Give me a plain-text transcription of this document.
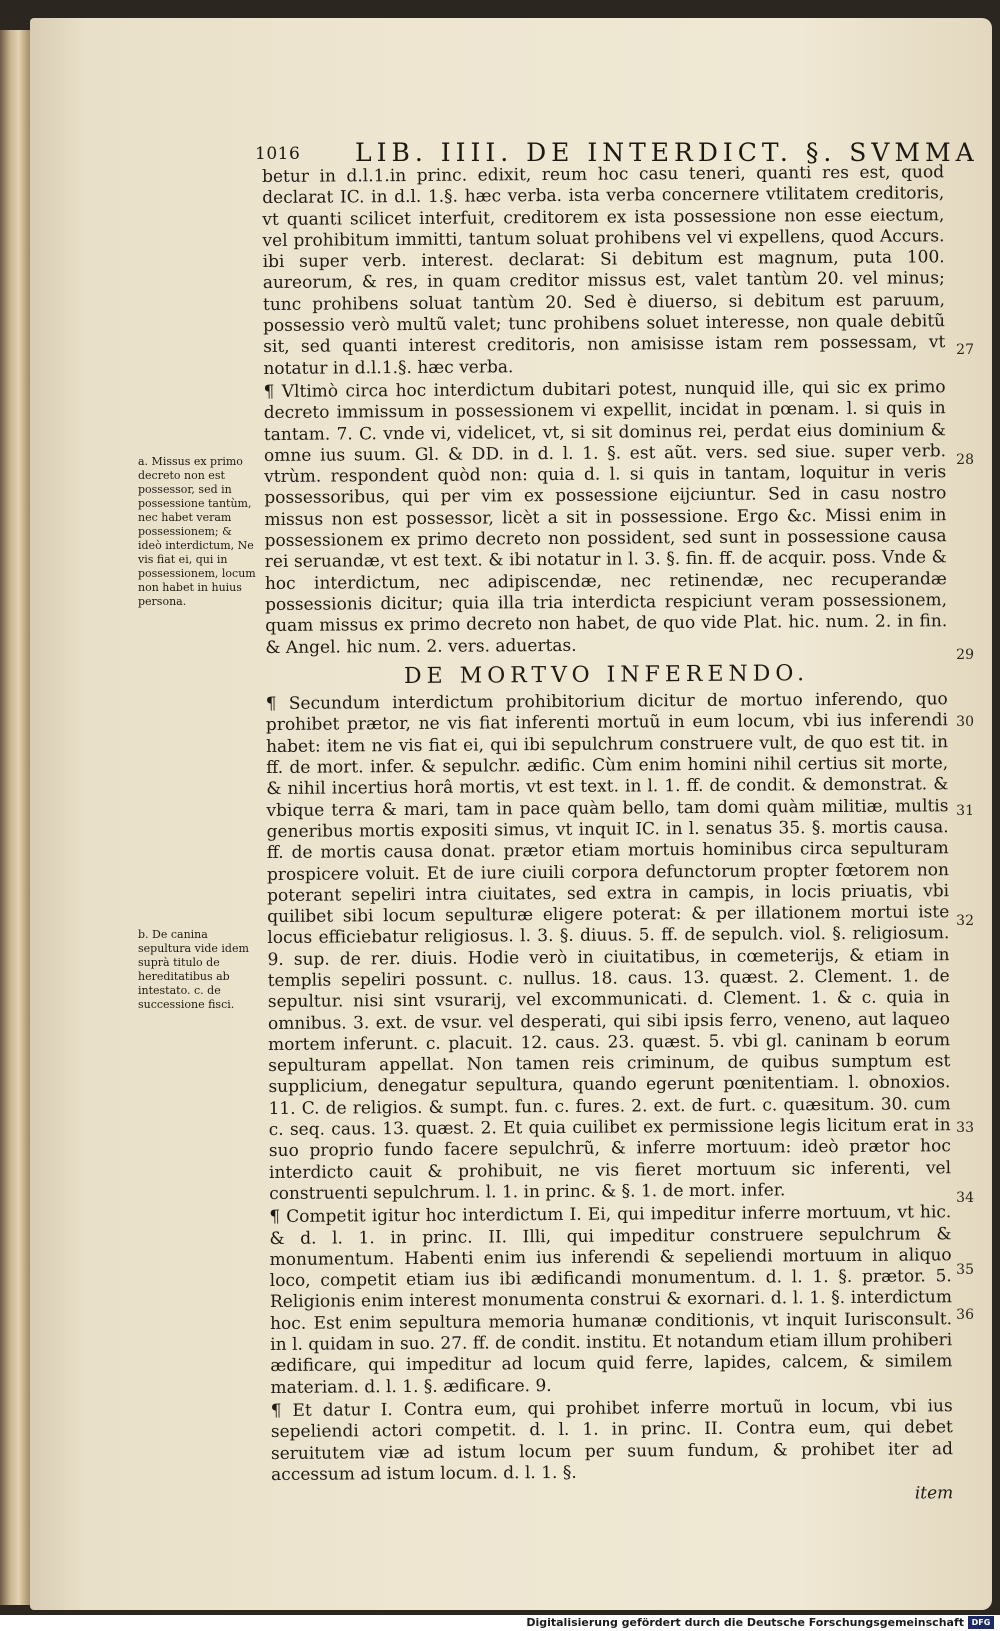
1016 LIB. IIII. DE INTERDICT. §. SVMMA

betur in d.l.1.in princ. edixit, reum hoc casu teneri, quanti res est, quod declarat IC. in d.l. 1.§. hæc verba. ista verba concernere vtilitatem creditoris, vt quanti scilicet interfuit, creditorem ex ista possessione non esse eiectum, vel prohibitum immitti, tantum soluat prohibens vel vi expellens, quod Accurs. ibi super verb. interest. declarat: Si debitum est magnum, puta 100. aureorum, & res, in quam creditor missus est, valet tantùm 20. vel minus; tunc prohibens soluat tantùm 20. Sed è diuerso, si debitum est paruum, possessio verò multũ valet; tunc prohibens soluet interesse, non quale debitũ sit, sed quanti interest creditoris, non amisisse istam rem possessam, vt notatur in d.l.1.§. hæc verba.

¶ Vltimò circa hoc interdictum dubitari potest, nunquid ille, qui sic ex primo decreto immissum in possessionem vi expellit, incidat in pœnam. l. si quis in tantam. 7. C. vnde vi, videlicet, vt, si sit dominus rei, perdat eius dominium & omne ius suum. Gl. & DD. in d. l. 1. §. est aũt. vers. sed siue. super verb. vtrùm. respondent quòd non: quia d. l. si quis in tantam, loquitur in veris possessoribus, qui per vim ex possessione eijciuntur. Sed in casu nostro missus non est possessor, licèt a sit in possessione. Ergo &c. Missi enim in possessionem ex primo decreto non possident, sed sunt in possessione causa rei seruandæ, vt est text. & ibi notatur in l. 3. §. fin. ff. de acquir. poss. Vnde & hoc interdictum, nec adipiscendæ, nec retinendæ, nec recuperandæ possessionis dicitur; quia illa tria interdicta respiciunt veram possessionem, quam missus ex primo decreto non habet, de quo vide Plat. hic. num. 2. in fin. & Angel. hic num. 2. vers. aduertas.

DE MORTVO INFERENDO.

¶ Secundum interdictum prohibitorium dicitur de mortuo inferendo, quo prohibet prætor, ne vis fiat inferenti mortuũ in eum locum, vbi ius inferendi habet: item ne vis fiat ei, qui ibi sepulchrum construere vult, de quo est tit. in ff. de mort. infer. & sepulchr. ædific. Cùm enim homini nihil certius sit morte, & nihil incertius horâ mortis, vt est text. in l. 1. ff. de condit. & demonstrat. & vbique terra & mari, tam in pace quàm bello, tam domi quàm militiæ, multis generibus mortis expositi simus, vt inquit IC. in l. senatus 35. §. mortis causa. ff. de mortis causa donat. prætor etiam mortuis hominibus circa sepulturam prospicere voluit. Et de iure ciuili corpora defunctorum propter fœtorem non poterant sepeliri intra ciuitates, sed extra in campis, in locis priuatis, vbi quilibet sibi locum sepulturæ eligere poterat: & per illationem mortui iste locus efficiebatur religiosus. l. 3. §. diuus. 5. ff. de sepulch. viol. §. religiosum. 9. sup. de rer. diuis. Hodie verò in ciuitatibus, in cœmeterijs, & etiam in templis sepeliri possunt. c. nullus. 18. caus. 13. quæst. 2. Clement. 1. de sepultur. nisi sint vsurarij, vel excommunicati. d. Clement. 1. & c. quia in omnibus. 3. ext. de vsur. vel desperati, qui sibi ipsis ferro, veneno, aut laqueo mortem inferunt. c. placuit. 12. caus. 23. quæst. 5. vbi gl. caninam b eorum sepulturam appellat. Non tamen reis criminum, de quibus sumptum est supplicium, denegatur sepultura, quando egerunt pœnitentiam. l. obnoxios. 11. C. de religios. & sumpt. fun. c. fures. 2. ext. de furt. c. quæsitum. 30. cum c. seq. caus. 13. quæst. 2. Et quia cuilibet ex permissione legis licitum erat in suo proprio fundo facere sepulchrũ, & inferre mortuum: ideò prætor hoc interdicto cauit & prohibuit, ne vis fieret mortuum sic inferenti, vel construenti sepulchrum. l. 1. in princ. & §. 1. de mort. infer.

¶ Competit igitur hoc interdictum I. Ei, qui impeditur inferre mortuum, vt hic. & d. l. 1. in princ. II. Illi, qui impeditur construere sepulchrum & monumentum. Habenti enim ius inferendi & sepeliendi mortuum in aliquo loco, competit etiam ius ibi ædificandi monumentum. d. l. 1. §. prætor. 5. Religionis enim interest monumenta construi & exornari. d. l. 1. §. interdictum hoc. Est enim sepultura memoria humanæ conditionis, vt inquit Iurisconsult. in l. quidam in suo. 27. ff. de condit. institu. Et notandum etiam illum prohiberi ædificare, qui impeditur ad locum quid ferre, lapides, calcem, & similem materiam. d. l. 1. §. ædificare. 9.

¶ Et datur I. Contra eum, qui prohibet inferre mortuũ in locum, vbi ius sepeliendi actori competit. d. l. 1. in princ. II. Contra eum, qui debet seruitutem viæ ad istum locum per suum fundum, & prohibet iter ad accessum ad istum locum. d. l. 1. §.

item

a. Missus ex primo decreto non est possessor, sed in possessione tantùm, nec habet veram possessionem; & ideò interdictum, Ne vis fiat ei, qui in possessionem, locum non habet in huius persona.
b. De canina sepultura vide idem suprà titulo de hereditatibus ab intestato. c. de successione fisci.
27
28
29
30
31
32
33
34
35
36
Digitalisierung gefördert durch die Deutsche Forschungsgemeinschaft DFG
